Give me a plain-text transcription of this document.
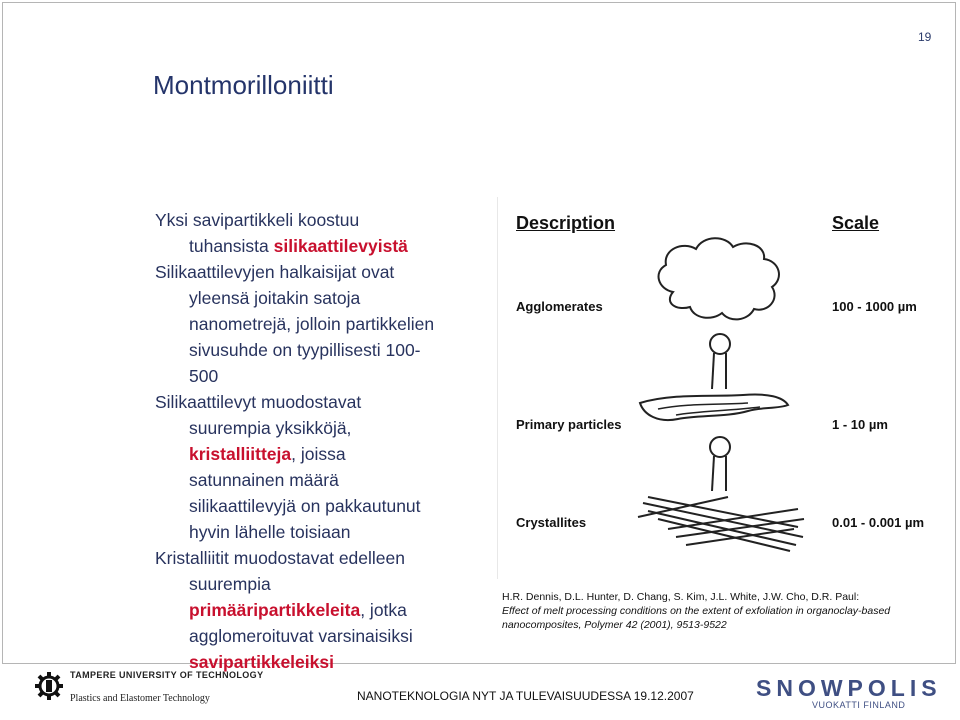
19
Montmorilloniitti

Yksi savipartikkeli koostuu

tuhansista silikaattilevyistä

Silikaattilevyjen halkaisijat ovat

yleensä joitakin satoja

nanometrejä, jolloin partikkelien

sivusuhde on tyypillisesti 100-

500

Silikaattilevyt muodostavat

suurempia yksikköjä,

kristalliitteja, joissa

satunnainen määrä

silikaattilevyjä on pakkautunut

hyvin lähelle toisiaan

Kristalliitit muodostavat edelleen

suurempia

primääripartikkeleita, jotka

agglomeroituvat varsinaisiksi

savipartikkeleiksi

Description	Scale
Agglomerates	100 - 1000 µm
Primary particles	1 - 10 µm
Crystallites	0.01 - 0.001 µm

H.R. Dennis, D.L. Hunter, D. Chang, S. Kim, J.L. White, J.W. Cho, D.R. Paul:

Effect of melt processing conditions on the extent of exfoliation in organoclay-based

nanocomposites, Polymer 42 (2001), 9513-9522

TAMPERE UNIVERSITY OF TECHNOLOGY
Plastics and Elastomer Technology	NANOTEKNOLOGIA NYT JA TULEVAISUUDESSA 19.12.2007	SNOWPOLIS
VUOKATTI FINLAND
